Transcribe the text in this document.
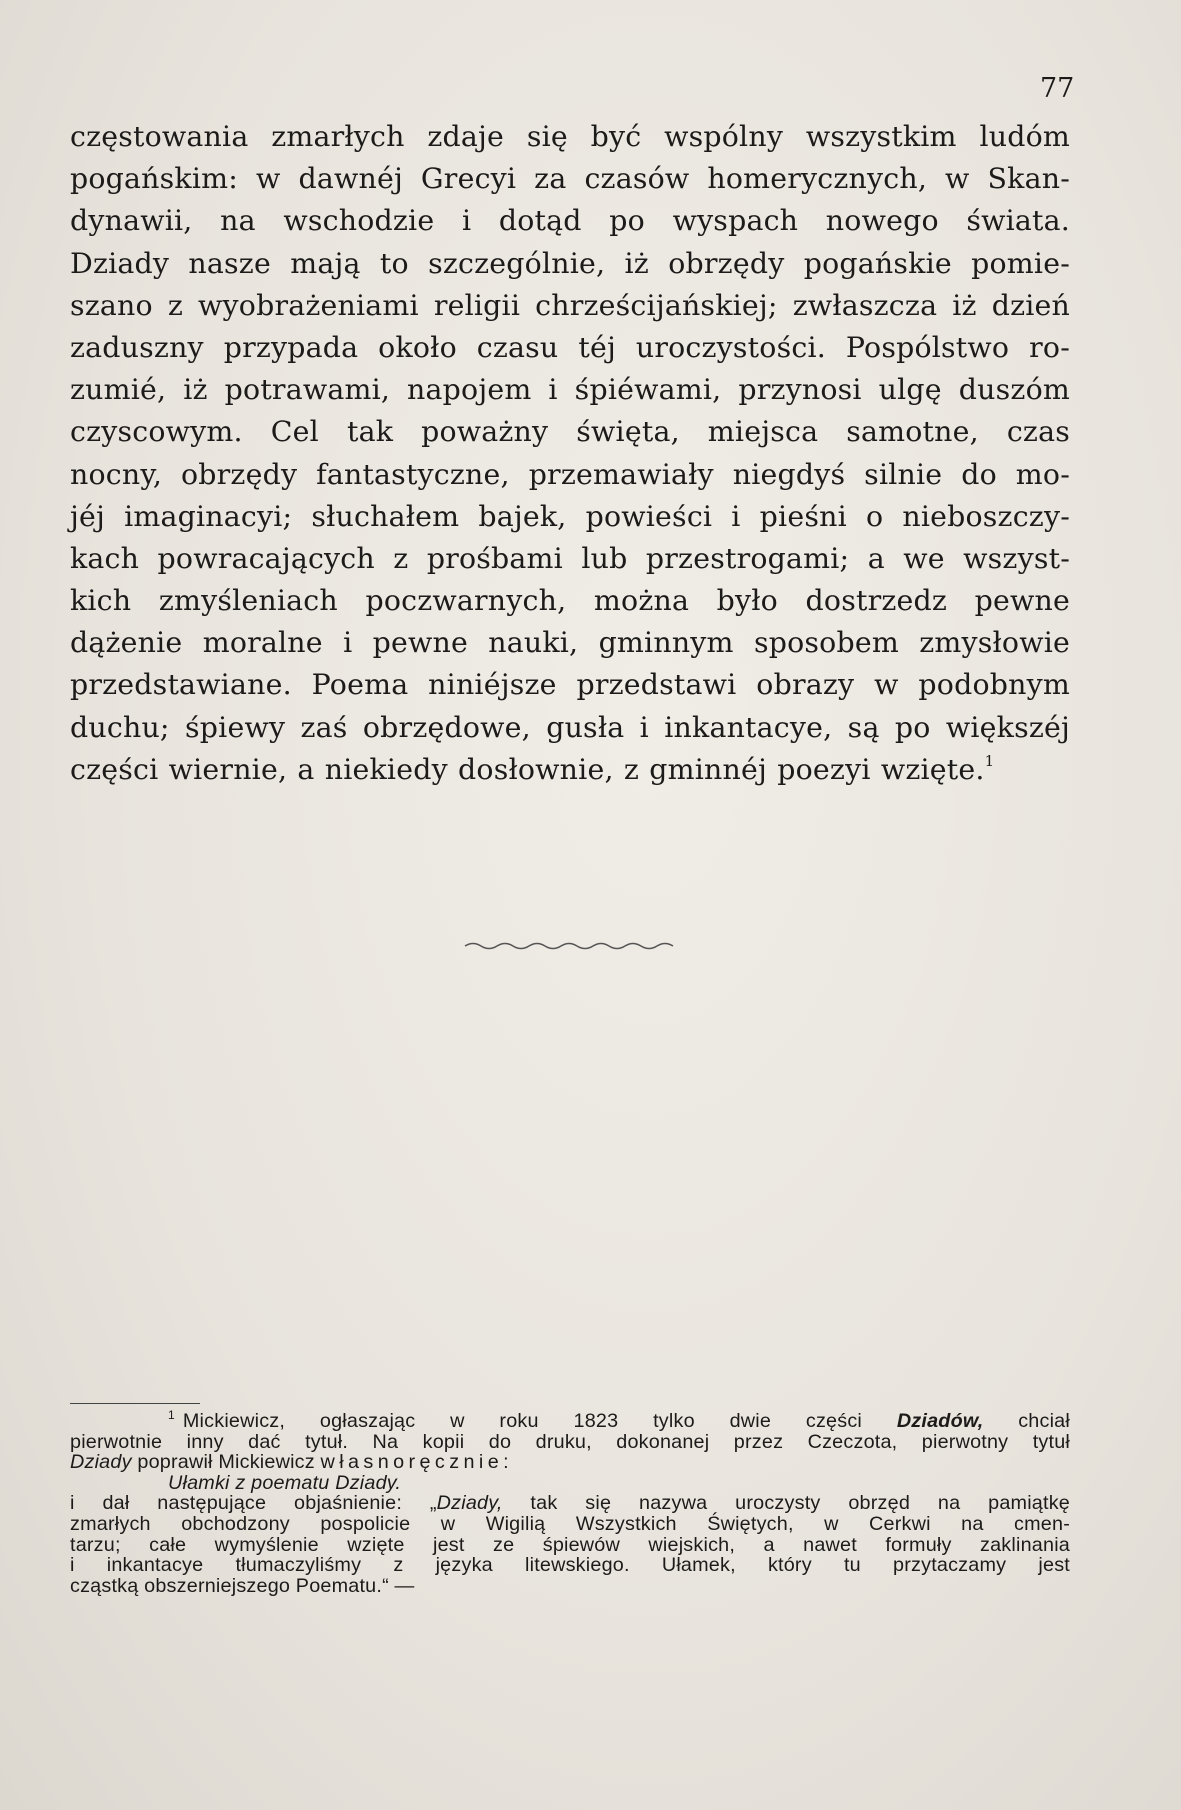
77
częstowania zmarłych zdaje się być wspólny wszystkim ludóm
pogańskim: w dawnéj Grecyi za czasów homerycznych, w Skan-
dynawii, na wschodzie i dotąd po wyspach nowego świata.
Dziady nasze mają to szczególnie, iż obrzędy pogańskie pomie-
szano z wyobrażeniami religii chrześcijańskiej; zwłaszcza iż dzień
zaduszny przypada około czasu téj uroczystości. Pospólstwo ro-
zumié, iż potrawami, napojem i śpiéwami, przynosi ulgę duszóm
czyscowym. Cel tak poważny święta, miejsca samotne, czas
nocny, obrzędy fantastyczne, przemawiały niegdyś silnie do mo-
jéj imaginacyi; słuchałem bajek, powieści i pieśni o nieboszczy-
kach powracających z prośbami lub przestrogami; a we wszyst-
kich zmyśleniach poczwarnych, można było dostrzedz pewne
dążenie moralne i pewne nauki, gminnym sposobem zmysłowie
przedstawiane. Poema niniéjsze przedstawi obrazy w podobnym
duchu; śpiewy zaś obrzędowe, gusła i inkantacye, są po większéj
części wiernie, a niekiedy dosłownie, z gminnéj poezyi wzięte.$^1$
$^1$ Mickiewicz, ogłaszając w roku 1823 tylko dwie części Dziadów, chciał
pierwotnie inny dać tytuł. Na kopii do druku, dokonanej przez Czeczota, pierwotny tytuł
Dziady poprawił Mickiewicz własnoręcznie:
Ułamki z poematu Dziady.
i dał następujące objaśnienie: „Dziady, tak się nazywa uroczysty obrzęd na pamiątkę
zmarłych obchodzony pospolicie w Wigilią Wszystkich Świętych, w Cerkwi na cmen-
tarzu; całe wymyślenie wzięte jest ze śpiewów wiejskich, a nawet formuły zaklinania
i inkantacye tłumaczyliśmy z języka litewskiego. Ułamek, który tu przytaczamy jest
cząstką obszerniejszego Poematu.“ —
